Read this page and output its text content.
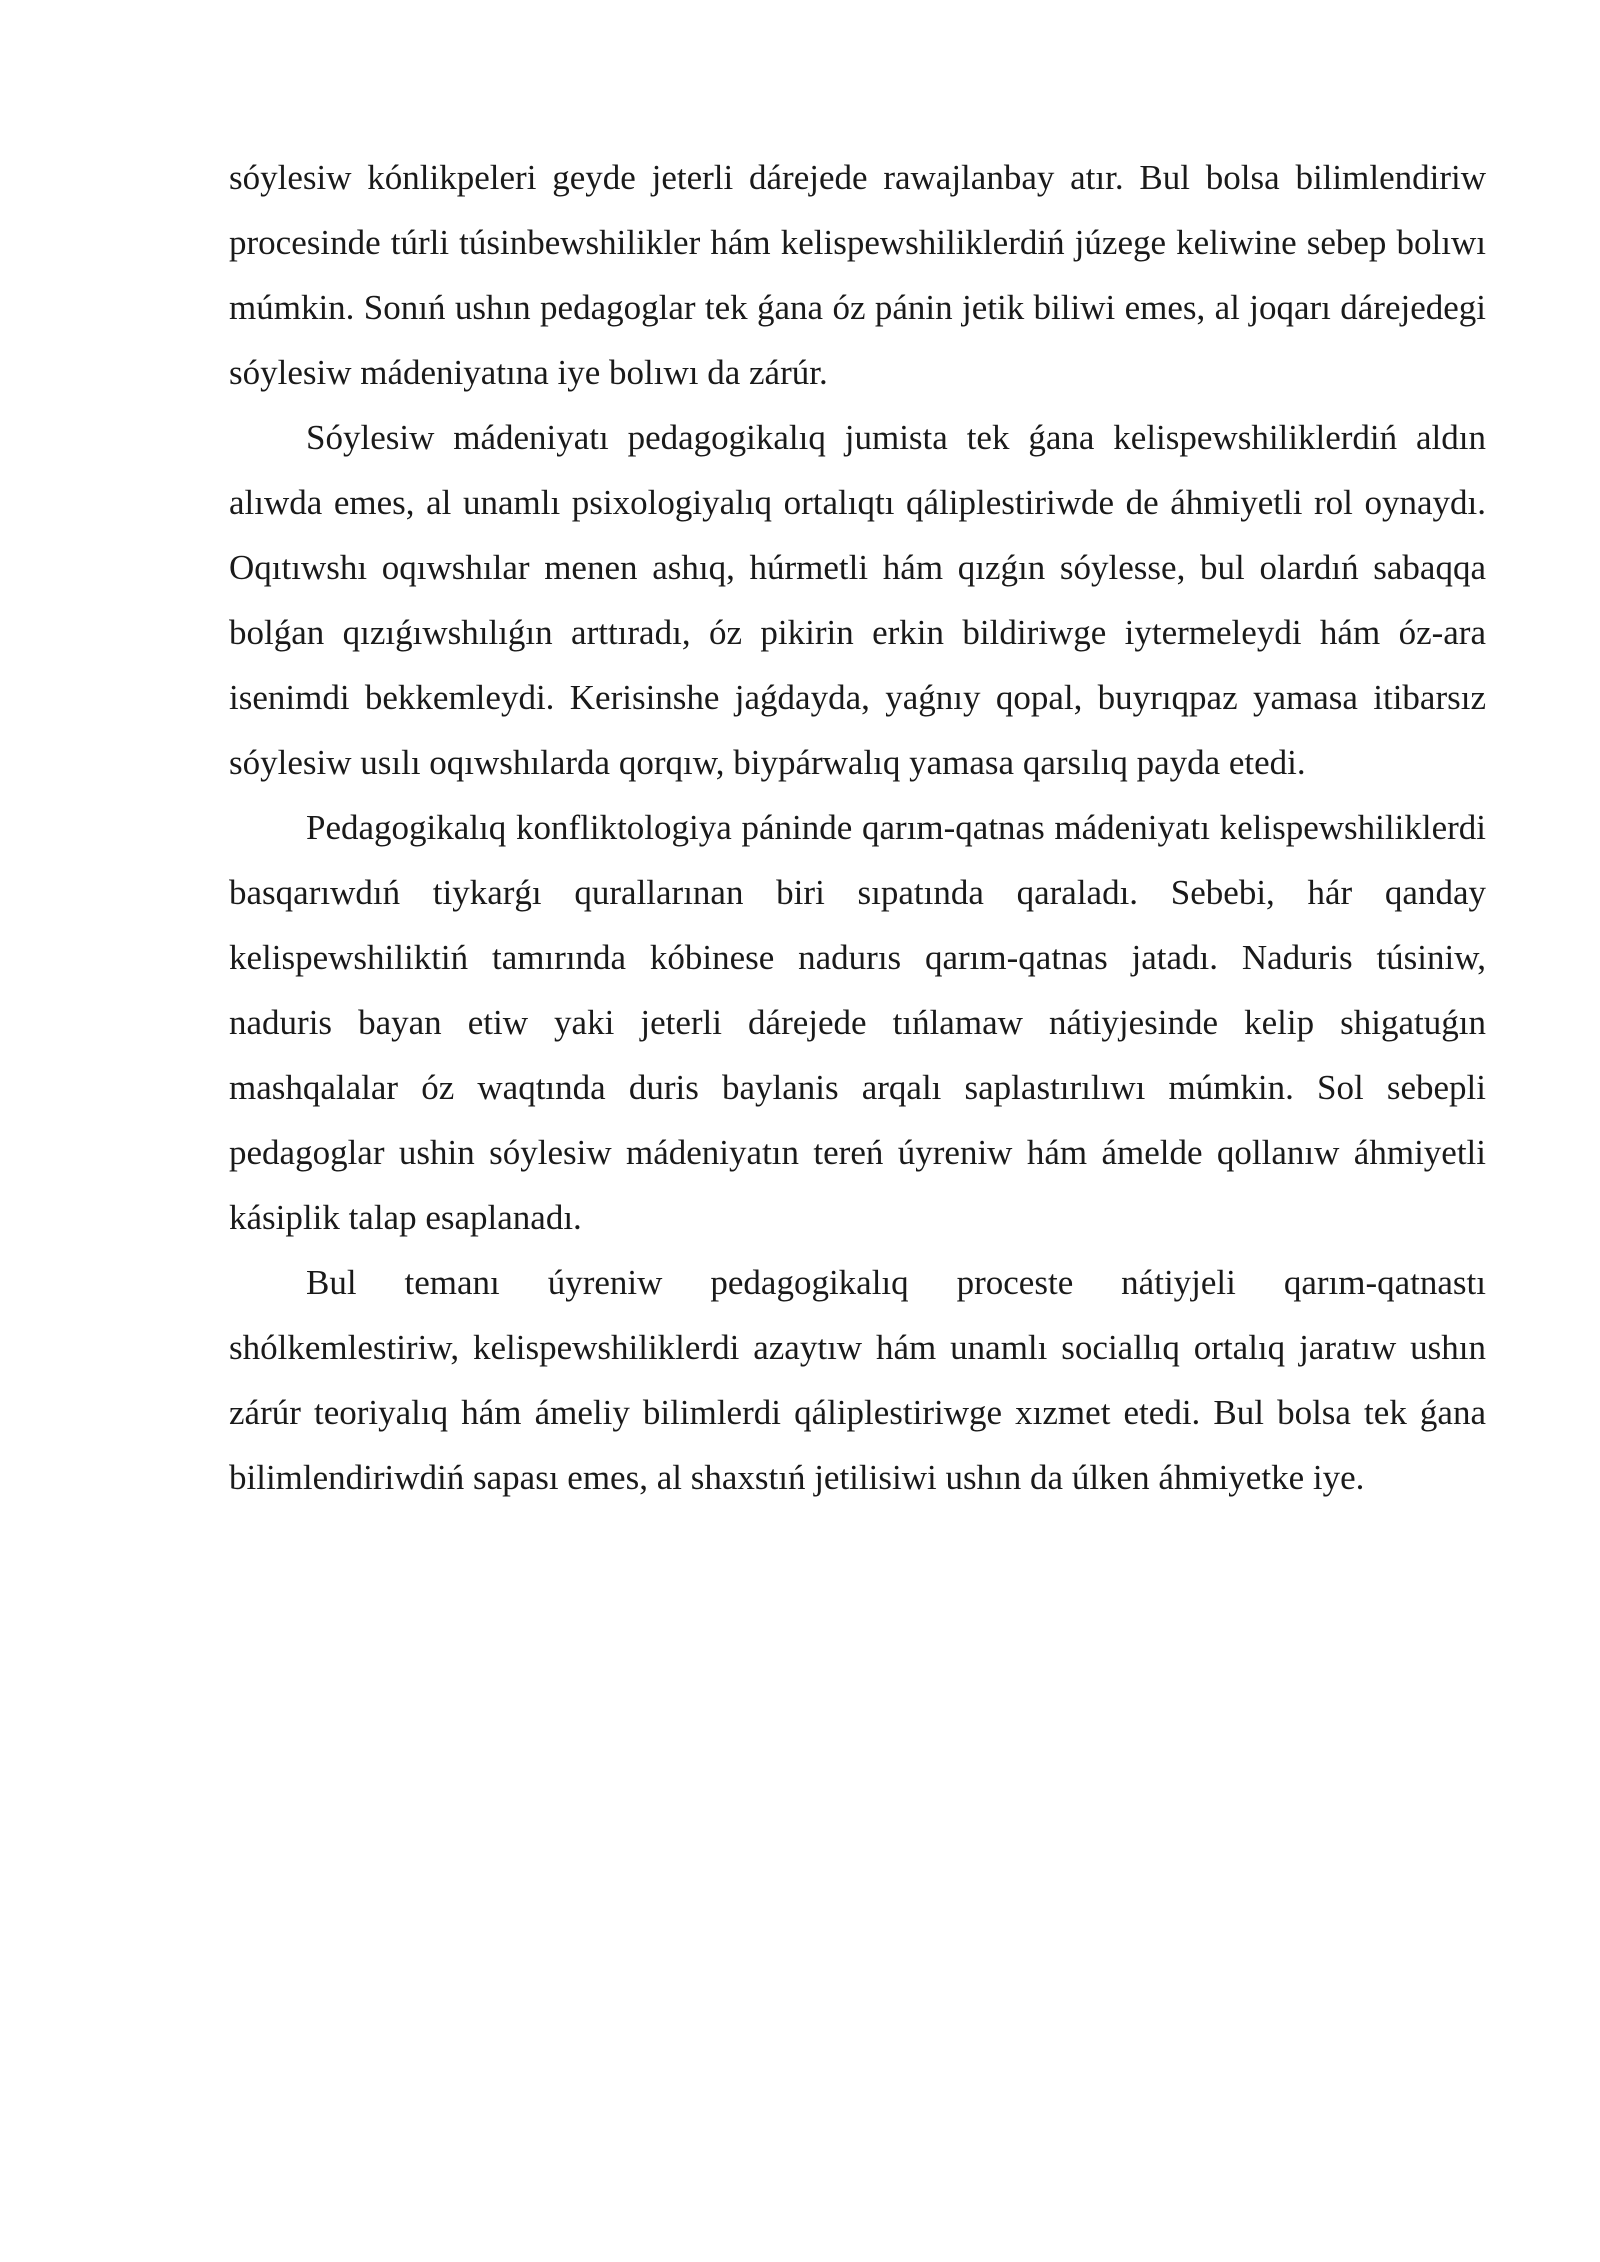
sóylesiw kónlikpeleri geyde jeterli dárejede rawajlanbay atır. Bul bolsa bilimlendiriw procesinde túrli túsinbewshilikler hám kelispewshiliklerdiń júzege keliwine sebep bolıwı múmkin. Sonıń ushın pedagoglar tek ǵana óz pánin jetik biliwi emes, al joqarı dárejedegi sóylesiw mádeniyatına iye bolıwı da zárúr.

Sóylesiw mádeniyatı pedagogikalıq jumista tek ǵana kelispewshiliklerdiń aldın alıwda emes, al unamlı psixologiyalıq ortalıqtı qáliplestiriwde de áhmiyetli rol oynaydı. Oqıtıwshı oqıwshılar menen ashıq, húrmetli hám qızǵın sóylesse, bul olardıń sabaqqa bolǵan qızıǵıwshılıǵın arttıradı, óz pikirin erkin bildiriwge iytermeleydi hám óz-ara isenimdi bekkemleydi. Kerisinshe jaǵdayda, yaǵnıy qopal, buyrıqpaz yamasa itibarsız sóylesiw usılı oqıwshılarda qorqıw, biypárwalıq yamasa qarsılıq payda etedi.

Pedagogikalıq konfliktologiya páninde qarım-qatnas mádeniyatı kelispewshiliklerdi basqarıwdıń tiykarǵı qurallarınan biri sıpatında qaraladı. Sebebi, hár qanday kelispewshiliktiń tamırında kóbinese nadurıs qarım-qatnas jatadı. Naduris túsiniw, naduris bayan etiw yaki jeterli dárejede tıńlamaw nátiyjesinde kelip shigatuǵın mashqalalar óz waqtında duris baylanis arqalı saplastırılıwı múmkin. Sol sebepli pedagoglar ushin sóylesiw mádeniyatın tereń úyreniw hám ámelde qollanıw áhmiyetli kásiplik talap esaplanadı.

Bul temanı úyreniw pedagogikalıq proceste nátiyjeli qarım-qatnastı shólkemlestiriw, kelispewshiliklerdi azaytıw hám unamlı sociallıq ortalıq jaratıw ushın zárúr teoriyalıq hám ámeliy bilimlerdi qáliplestiriwge xızmet etedi. Bul bolsa tek ǵana bilimlendiriwdiń sapası emes, al shaxstıń jetilisiwi ushın da úlken áhmiyetke iye.
